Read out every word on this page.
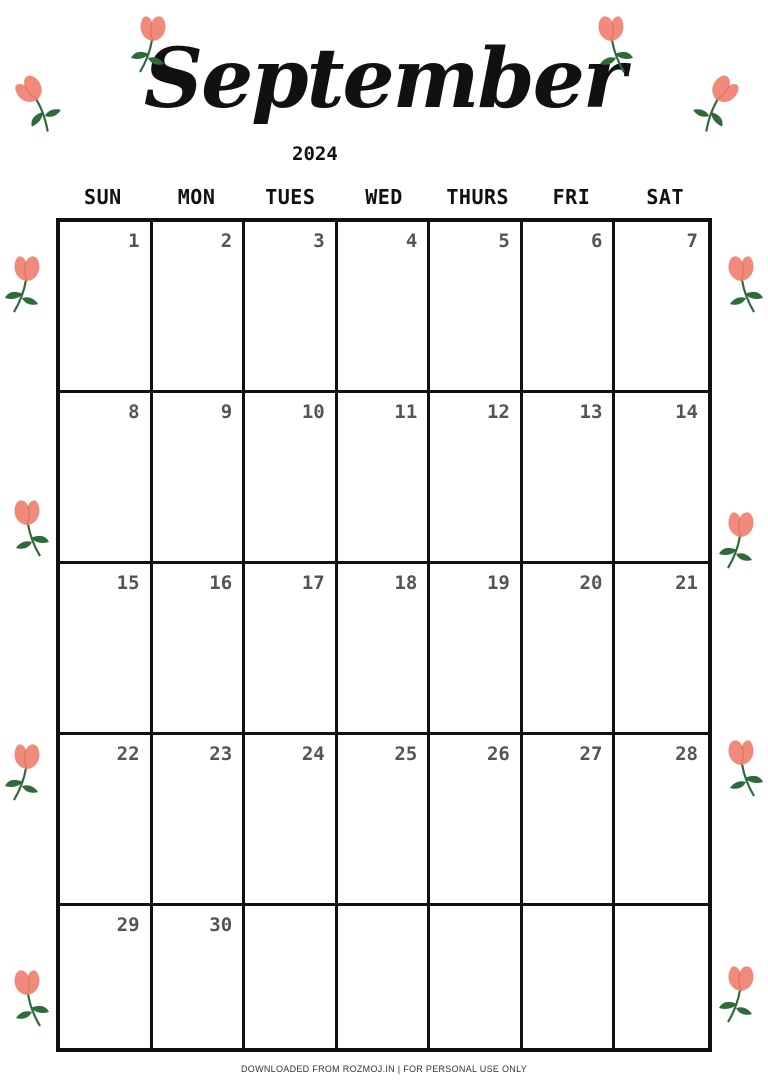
September
2024
SUN	MON	TUES	WED	THURS	FRI	SAT
1	2	3	4	5	6	7
8	9	10	11	12	13	14
15	16	17	18	19	20	21
22	23	24	25	26	27	28
29	30
DOWNLOADED FROM ROZMOJ.IN | FOR PERSONAL USE ONLY
